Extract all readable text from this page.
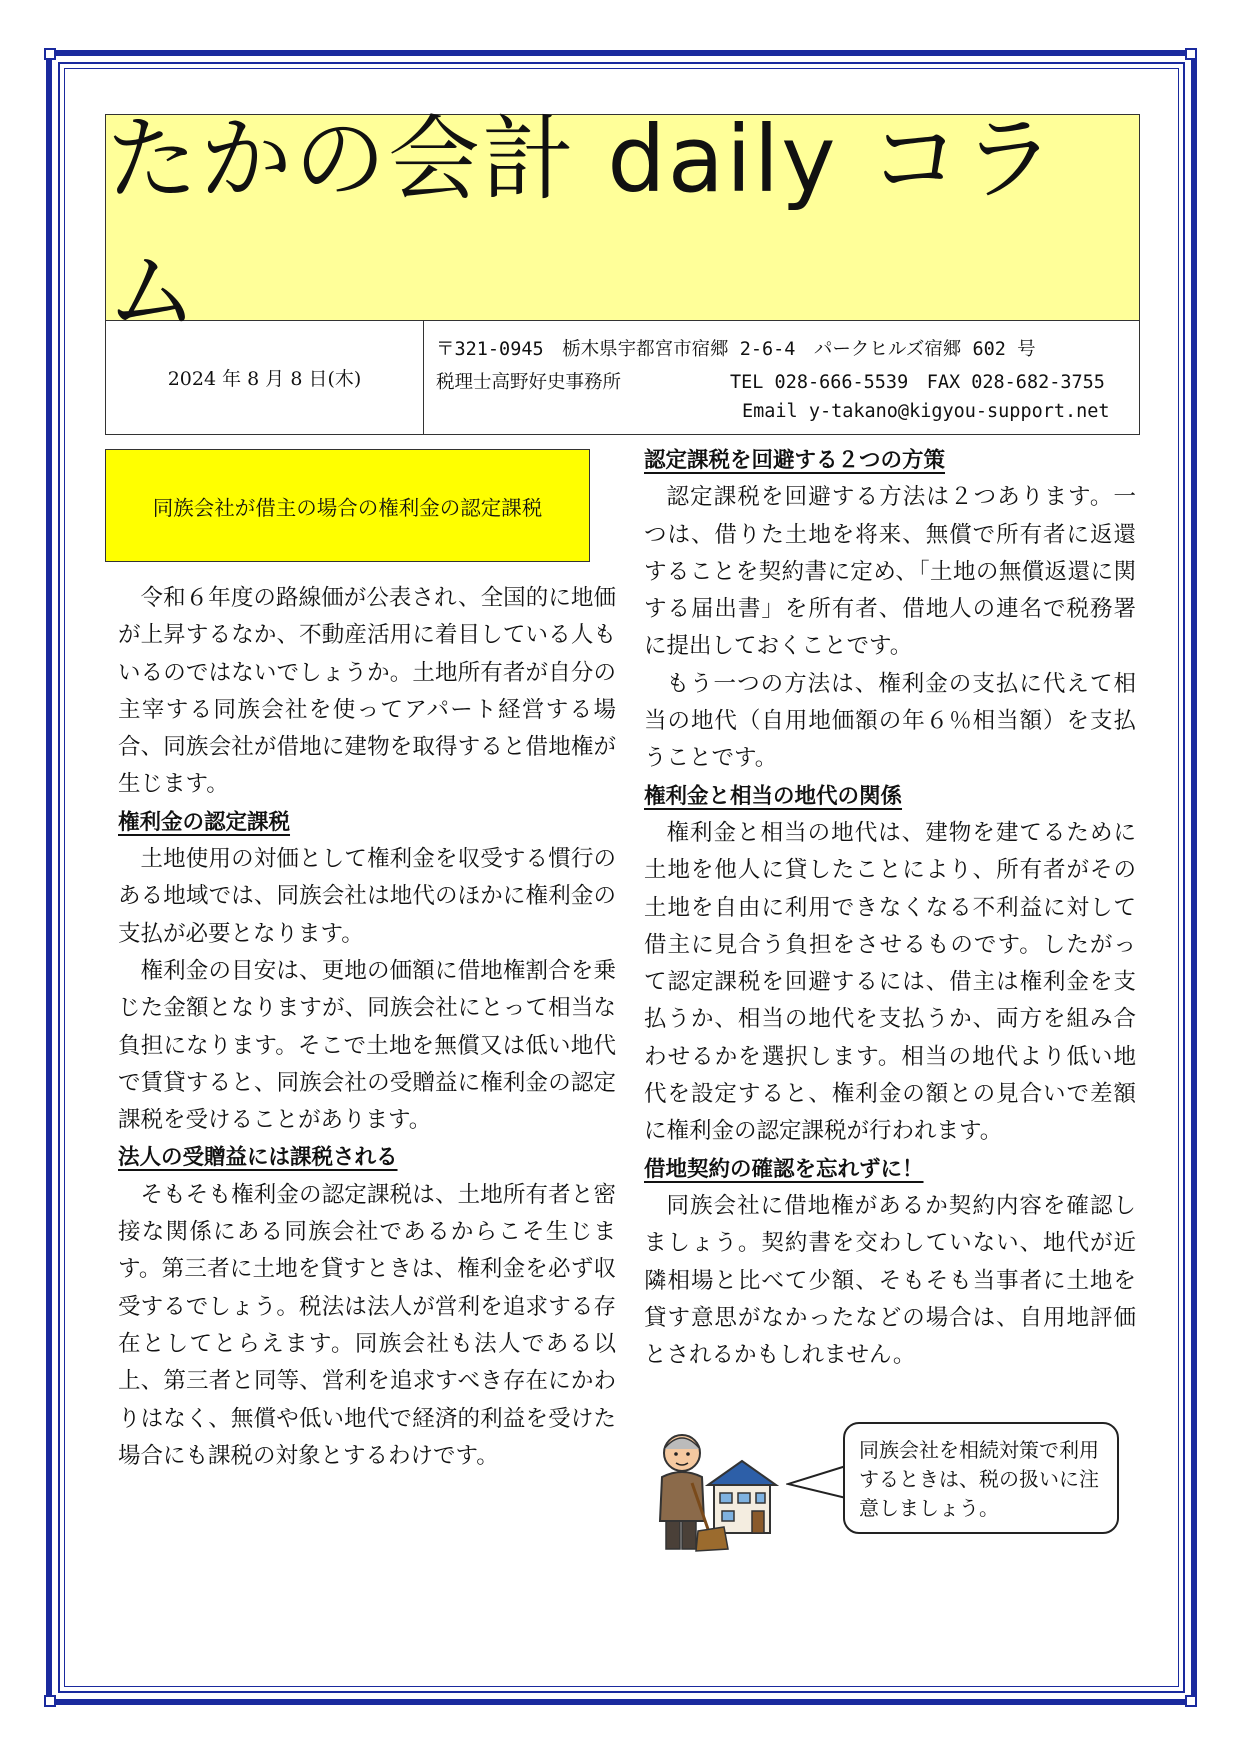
たかの会計 daily コラム
2024 年 8 月 8 日(木)
〒321-0945　栃木県宇都宮市宿郷 2-6-4　パークヒルズ宿郷 602 号
税理士高野好史事務所	TEL 028-666-5539　FAX 028-682-3755
Email y-takano@kigyou-support.net
同族会社が借主の場合の権利金の認定課税

令和６年度の路線価が公表され、全国的に地価が上昇するなか、不動産活用に着目している人もいるのではないでしょうか。土地所有者が自分の主宰する同族会社を使ってアパート経営する場合、同族会社が借地に建物を取得すると借地権が生じます。

権利金の認定課税

土地使用の対価として権利金を収受する慣行のある地域では、同族会社は地代のほかに権利金の支払が必要となります。

権利金の目安は、更地の価額に借地権割合を乗じた金額となりますが、同族会社にとって相当な負担になります。そこで土地を無償又は低い地代で賃貸すると、同族会社の受贈益に権利金の認定課税を受けることがあります。

法人の受贈益には課税される

そもそも権利金の認定課税は、土地所有者と密接な関係にある同族会社であるからこそ生じます。第三者に土地を貸すときは、権利金を必ず収受するでしょう。税法は法人が営利を追求する存在としてとらえます。同族会社も法人である以上、第三者と同等、営利を追求すべき存在にかわりはなく、無償や低い地代で経済的利益を受けた場合にも課税の対象とするわけです。

認定課税を回避する２つの方策

認定課税を回避する方法は２つあります。一つは、借りた土地を将来、無償で所有者に返還することを契約書に定め、「土地の無償返還に関する届出書」を所有者、借地人の連名で税務署に提出しておくことです。

もう一つの方法は、権利金の支払に代えて相当の地代（自用地価額の年６％相当額）を支払うことです。

権利金と相当の地代の関係

権利金と相当の地代は、建物を建てるために土地を他人に貸したことにより、所有者がその土地を自由に利用できなくなる不利益に対して借主に見合う負担をさせるものです。したがって認定課税を回避するには、借主は権利金を支払うか、相当の地代を支払うか、両方を組み合わせるかを選択します。相当の地代より低い地代を設定すると、権利金の額との見合いで差額に権利金の認定課税が行われます。

借地契約の確認を忘れずに！

同族会社に借地権があるか契約内容を確認しましょう。契約書を交わしていない、地代が近隣相場と比べて少額、そもそも当事者に土地を貸す意思がなかったなどの場合は、自用地評価とされるかもしれません。

同族会社を相続対策で利用するときは、税の扱いに注意しましょう。
